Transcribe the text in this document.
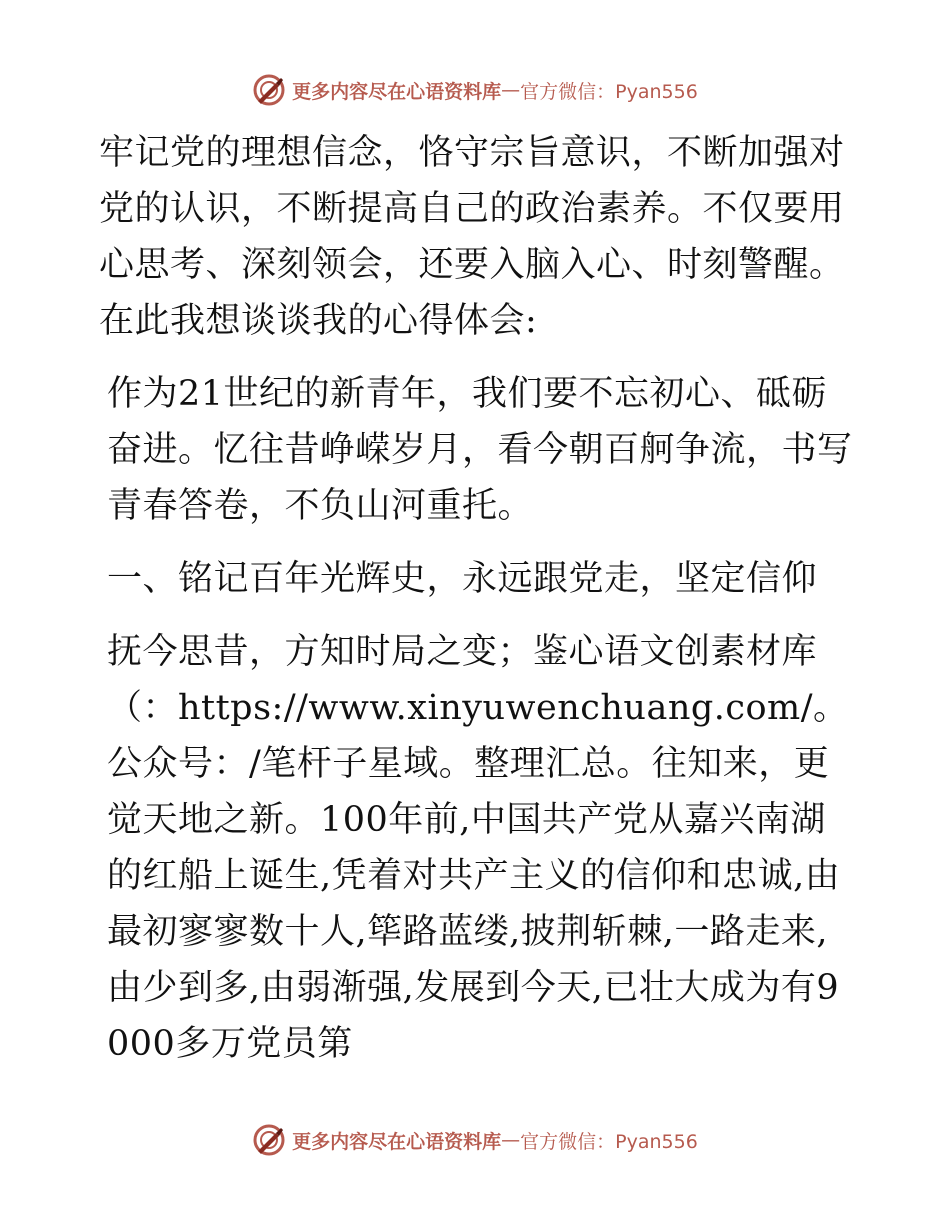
更多内容尽在心语资料库 — 官方微信：Pyan556

牢记党的理想信念，恪守宗旨意识，不断加强对党的认识，不断提高自己的政治素养。不仅要用心思考、深刻领会，还要入脑入心、时刻警醒。在此我想谈谈我的心得体会:

作为21世纪的新青年，我们要不忘初心、砥砺奋进。忆往昔峥嵘岁月，看今朝百舸争流，书写青春答卷，不负山河重托。

一、铭记百年光辉史，永远跟党走，坚定信仰

抚今思昔，方知时局之变；鉴心语文创素材库（：https://www.xinyuwenchuang.com/。公众号：/笔杆子星域。整理汇总。往知来，更觉天地之新。100年前,中国共产党从嘉兴南湖的红船上诞生,凭着对共产主义的信仰和忠诚,由最初寥寥数十人,筚路蓝缕,披荆斩棘,一路走来,由少到多,由弱渐强,发展到今天,已壮大成为有9000多万党员第

更多内容尽在心语资料库 — 官方微信：Pyan556
